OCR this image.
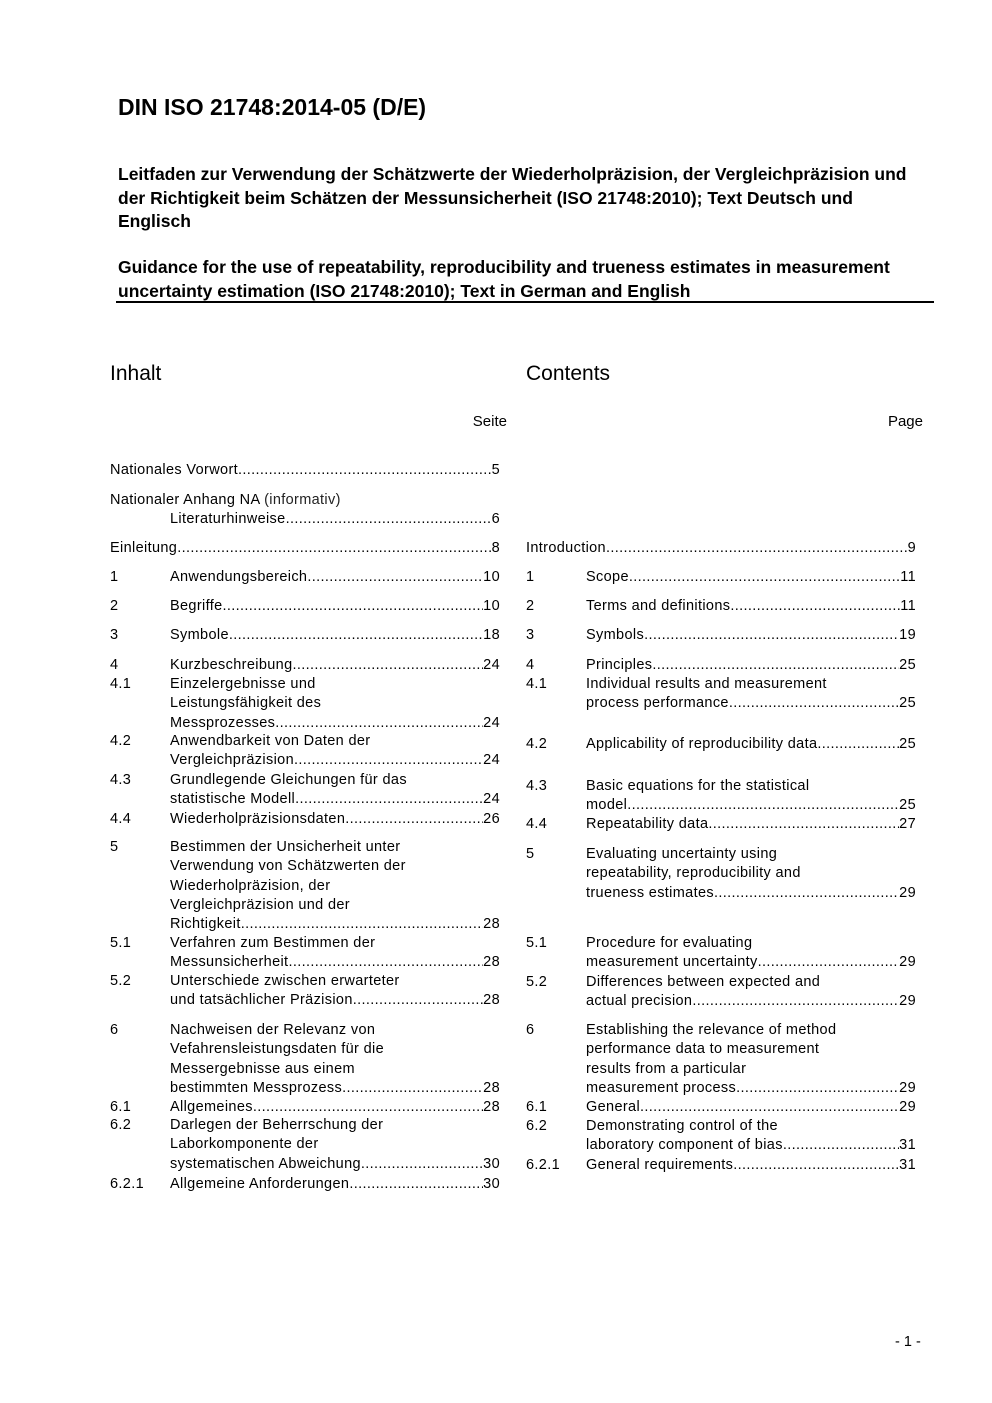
DIN ISO 21748:2014-05 (D/E)
Leitfaden zur Verwendung der Schätzwerte der Wiederholpräzision, der Vergleichpräzision und der Richtigkeit beim Schätzen der Messunsicherheit (ISO 21748:2010); Text Deutsch und Englisch
Guidance for the use of repeatability, reproducibility and trueness estimates in measurement uncertainty estimation (ISO 21748:2010); Text in German and English
Inhalt	Contents
Seite	Page
Nationales Vorwort .....	5
Nationaler Anhang NA (informativ)
Literaturhinweise .....	6
Einleitung .....	8
1	Anwendungsbereich .....	10
2	Begriffe .....	10
3	Symbole .....	18
4	Kurzbeschreibung .....	24
4.1	Einzelergebnisse und
Leistungsfähigkeit des
Messprozesses .....	24
4.2	Anwendbarkeit von Daten der
Vergleichpräzision .....	24
4.3	Grundlegende Gleichungen für das
statistische Modell .....	24
4.4	Wiederholpräzisionsdaten .....	26
5	Bestimmen der Unsicherheit unter
Verwendung von Schätzwerten der
Wiederholpräzision, der
Vergleichpräzision und der
Richtigkeit .....	28
5.1	Verfahren zum Bestimmen der
Messunsicherheit .....	28
5.2	Unterschiede zwischen erwarteter
und tatsächlicher Präzision .....	28
6	Nachweisen der Relevanz von
Vefahrensleistungsdaten für die
Messergebnisse aus einem
bestimmten Messprozess .....	28
6.1	Allgemeines .....	28
6.2	Darlegen der Beherrschung der
Laborkomponente der
systematischen Abweichung .....	30
6.2.1 Allgemeine Anforderungen .....	30
Introduction .....	9
1	Scope .....	11
2	Terms and definitions .....	11
3	Symbols .....	19
4	Principles .....	25
4.1	Individual results and measurement
process performance .....	25
4.2	Applicability of reproducibility data .....	25
4.3	Basic equations for the statistical
model .....	25
4.4	Repeatability data .....	27
5	Evaluating uncertainty using
repeatability, reproducibility and
trueness estimates .....	29
5.1	Procedure for evaluating
measurement uncertainty .....	29
5.2	Differences between expected and
actual precision .....	29
6	Establishing the relevance of method
performance data to measurement
results from a particular
measurement process .....	29
6.1	General .....	29
6.2	Demonstrating control of the
laboratory component of bias .....	31
6.2.1 General requirements .....	31
- 1 -
